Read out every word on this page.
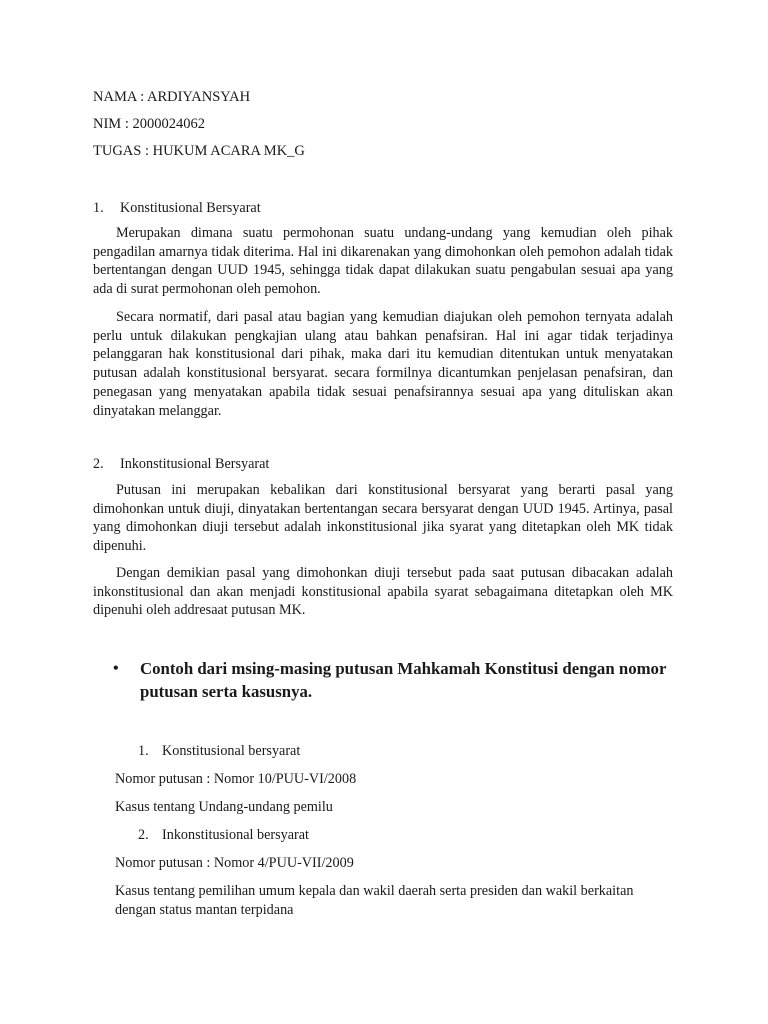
NAMA : ARDIYANSYAH
NIM : 2000024062
TUGAS : HUKUM ACARA MK_G
1. Konstitusional Bersyarat
Merupakan dimana suatu permohonan suatu undang-undang yang kemudian oleh pihak pengadilan amarnya tidak diterima. Hal ini dikarenakan yang dimohonkan oleh pemohon adalah tidak bertentangan dengan UUD 1945, sehingga tidak dapat dilakukan suatu pengabulan sesuai apa yang ada di surat permohonan oleh pemohon.
Secara normatif, dari pasal atau bagian yang kemudian diajukan oleh pemohon ternyata adalah perlu untuk dilakukan pengkajian ulang atau bahkan penafsiran. Hal ini agar tidak terjadinya pelanggaran hak konstitusional dari pihak, maka dari itu kemudian ditentukan untuk menyatakan putusan adalah konstitusional bersyarat. secara formilnya dicantumkan penjelasan penafsiran, dan penegasan yang menyatakan apabila tidak sesuai penafsirannya sesuai apa yang dituliskan akan dinyatakan melanggar.
2. Inkonstitusional Bersyarat
Putusan ini merupakan kebalikan dari konstitusional bersyarat yang berarti pasal yang dimohonkan untuk diuji, dinyatakan bertentangan secara bersyarat dengan UUD 1945. Artinya, pasal yang dimohonkan diuji tersebut adalah inkonstitusional jika syarat yang ditetapkan oleh MK tidak dipenuhi.
Dengan demikian pasal yang dimohonkan diuji tersebut pada saat putusan dibacakan adalah inkonstitusional dan akan menjadi konstitusional apabila syarat sebagaimana ditetapkan oleh MK dipenuhi oleh addresaat putusan MK.
• Contoh dari msing-masing putusan Mahkamah Konstitusi dengan nomor putusan serta kasusnya.
1. Konstitusional bersyarat
Nomor putusan : Nomor 10/PUU-VI/2008
Kasus tentang Undang-undang pemilu
2. Inkonstitusional bersyarat
Nomor putusan : Nomor 4/PUU-VII/2009
Kasus tentang pemilihan umum kepala dan wakil daerah serta presiden dan wakil berkaitan dengan status mantan terpidana
